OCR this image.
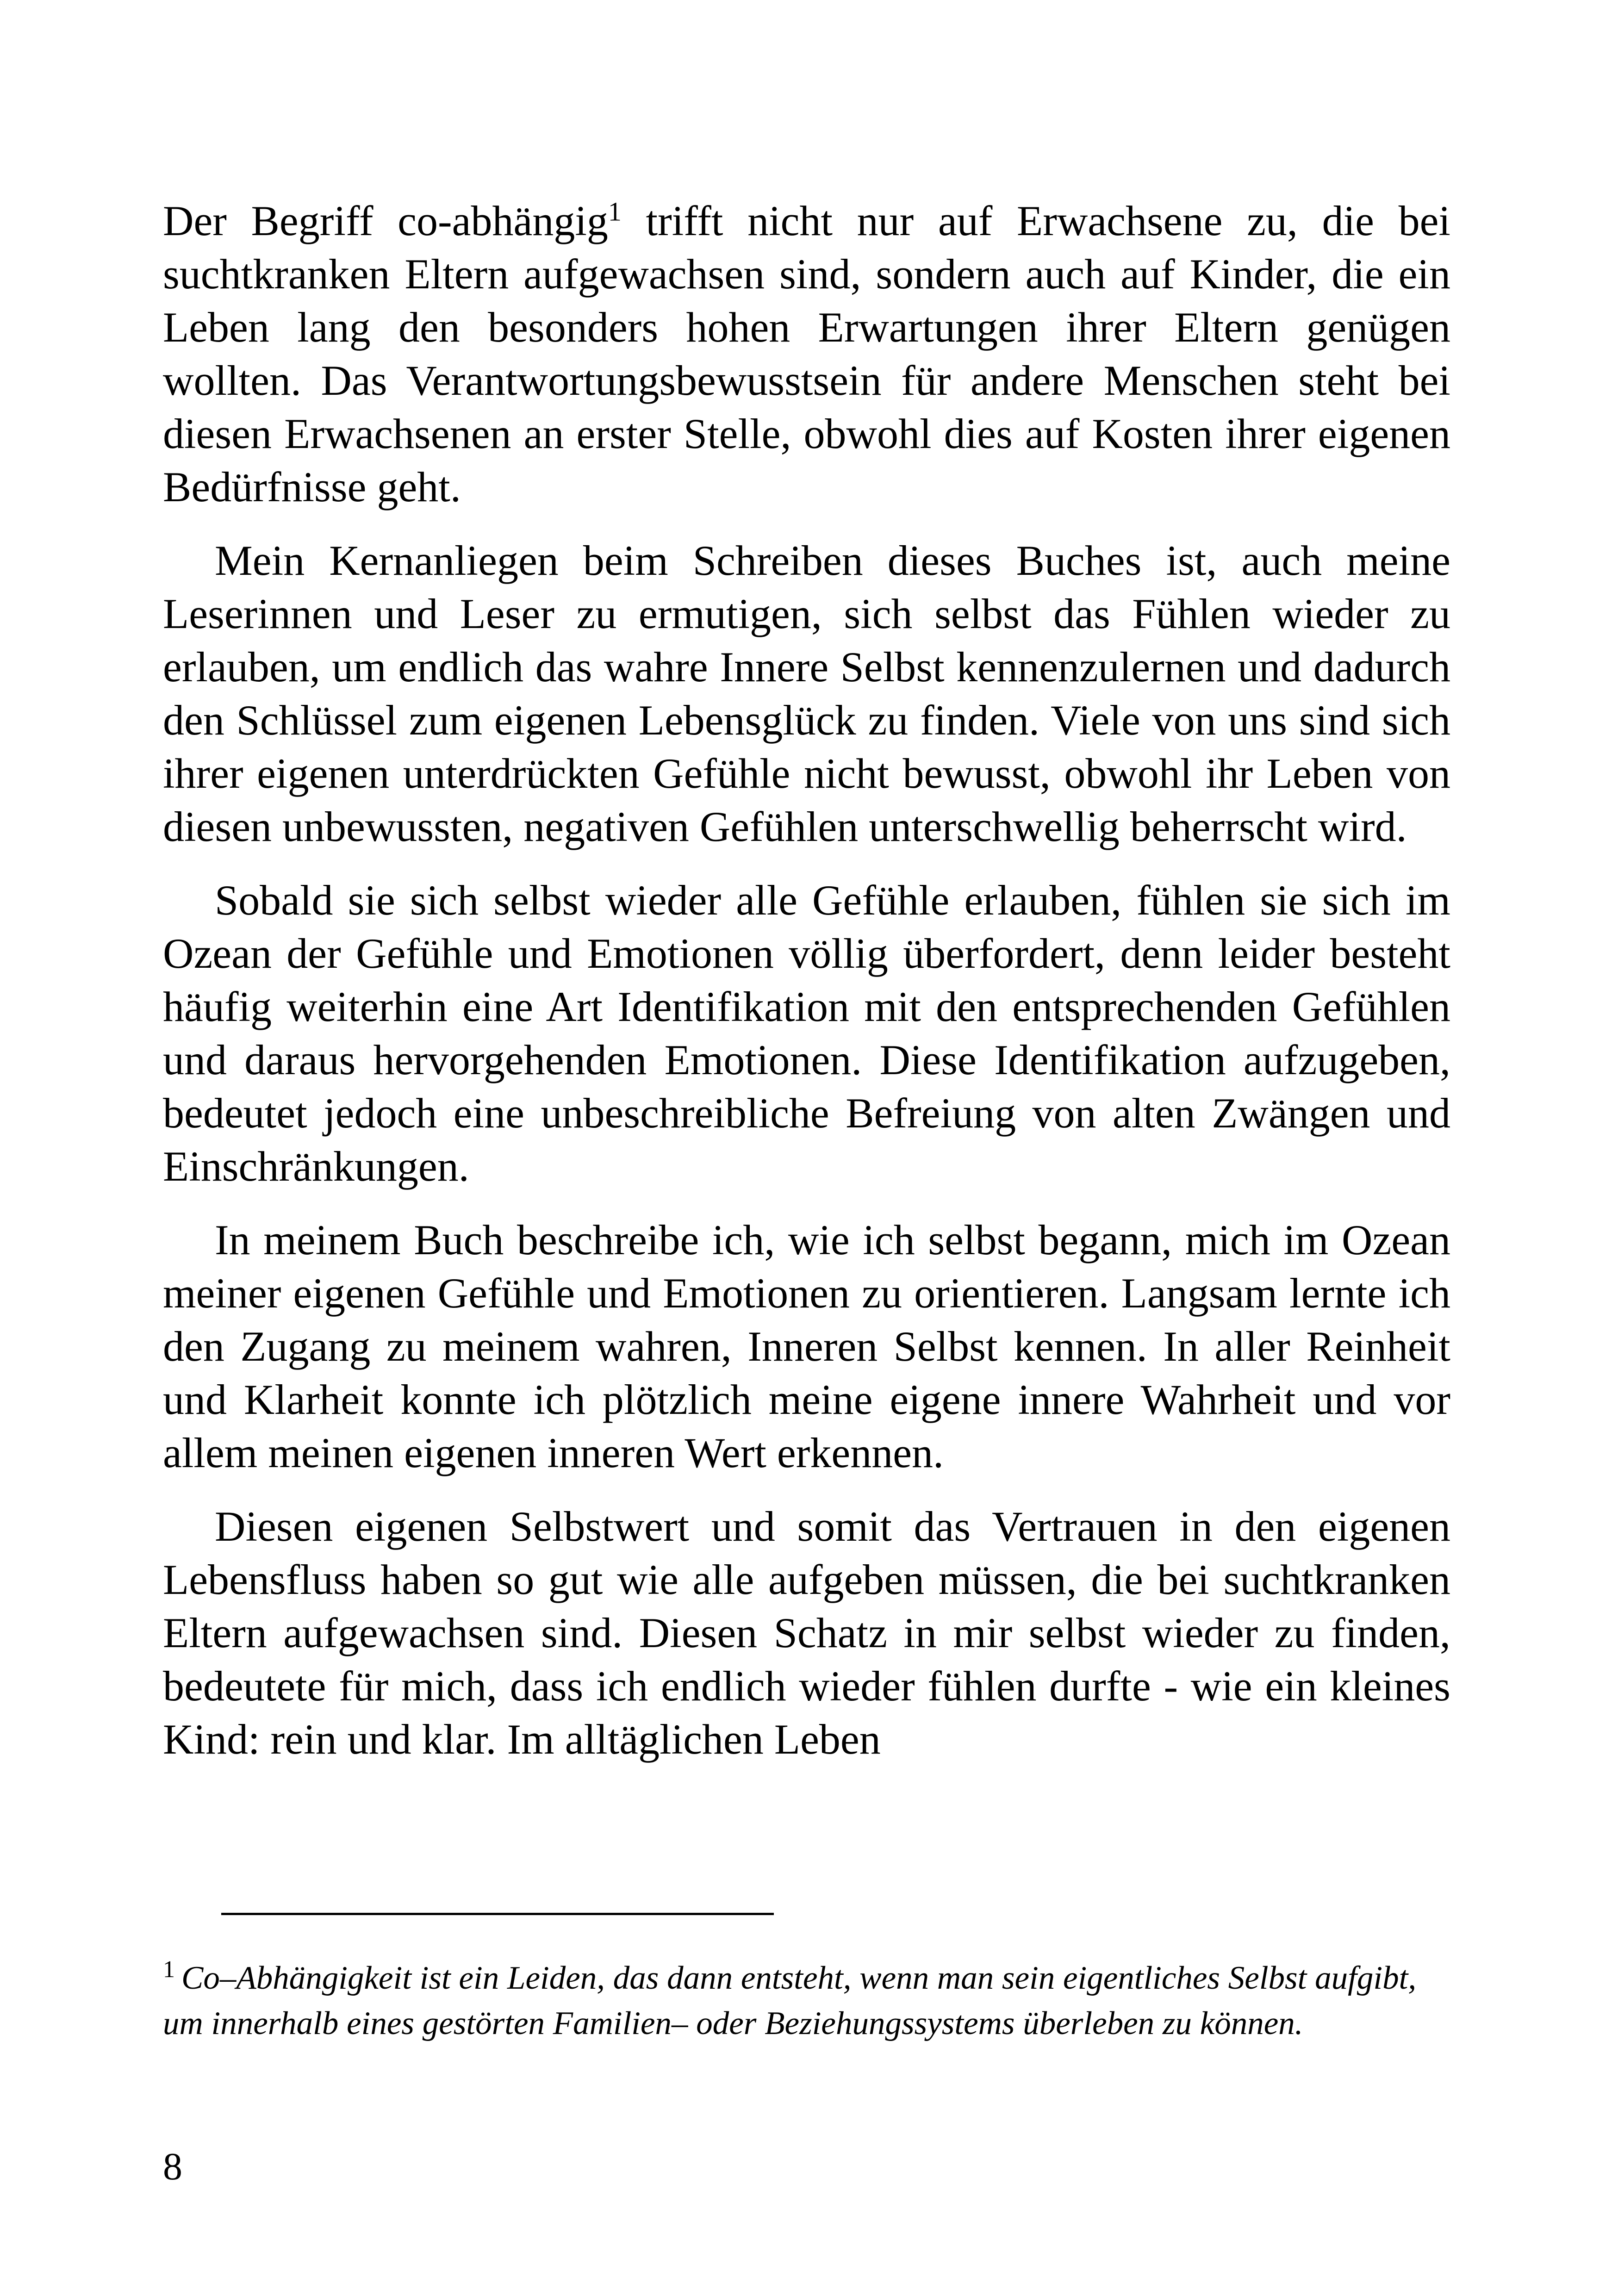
Der Begriff co-abhängig$^1$ trifft nicht nur auf Erwachsene zu, die bei suchtkranken Eltern aufgewachsen sind, sondern auch auf Kinder, die ein Leben lang den besonders hohen Erwartungen ihrer Eltern genügen wollten. Das Verantwortungsbewusstsein für andere Menschen steht bei diesen Erwachsenen an erster Stelle, obwohl dies auf Kosten ihrer eigenen Bedürfnisse geht.

Mein Kernanliegen beim Schreiben dieses Buches ist, auch meine Leserinnen und Leser zu ermutigen, sich selbst das Fühlen wieder zu erlauben, um endlich das wahre Innere Selbst kennenzulernen und dadurch den Schlüssel zum eigenen Lebensglück zu finden. Viele von uns sind sich ihrer eigenen unterdrückten Gefühle nicht bewusst, obwohl ihr Leben von diesen unbewussten, negativen Gefühlen unterschwellig beherrscht wird.

Sobald sie sich selbst wieder alle Gefühle erlauben, fühlen sie sich im Ozean der Gefühle und Emotionen völlig überfordert, denn leider besteht häufig weiterhin eine Art Identifikation mit den entsprechenden Gefühlen und daraus hervorgehenden Emotionen. Diese Identifikation aufzugeben, bedeutet jedoch eine unbeschreibliche Befreiung von alten Zwängen und Einschränkungen.

In meinem Buch beschreibe ich, wie ich selbst begann, mich im Ozean meiner eigenen Gefühle und Emotionen zu orientieren. Langsam lernte ich den Zugang zu meinem wahren, Inneren Selbst kennen. In aller Reinheit und Klarheit konnte ich plötzlich meine eigene innere Wahrheit und vor allem meinen eigenen inneren Wert erkennen.

Diesen eigenen Selbstwert und somit das Vertrauen in den eigenen Lebensfluss haben so gut wie alle aufgeben müssen, die bei suchtkranken Eltern aufgewachsen sind. Diesen Schatz in mir selbst wieder zu finden, bedeutete für mich, dass ich endlich wieder fühlen durfte - wie ein kleines Kind: rein und klar. Im alltäglichen Leben

$^1$ Co–Abhängigkeit ist ein Leiden, das dann entsteht, wenn man sein eigentliches Selbst aufgibt, um innerhalb eines gestörten Familien– oder Beziehungssystems überleben zu können.
8
